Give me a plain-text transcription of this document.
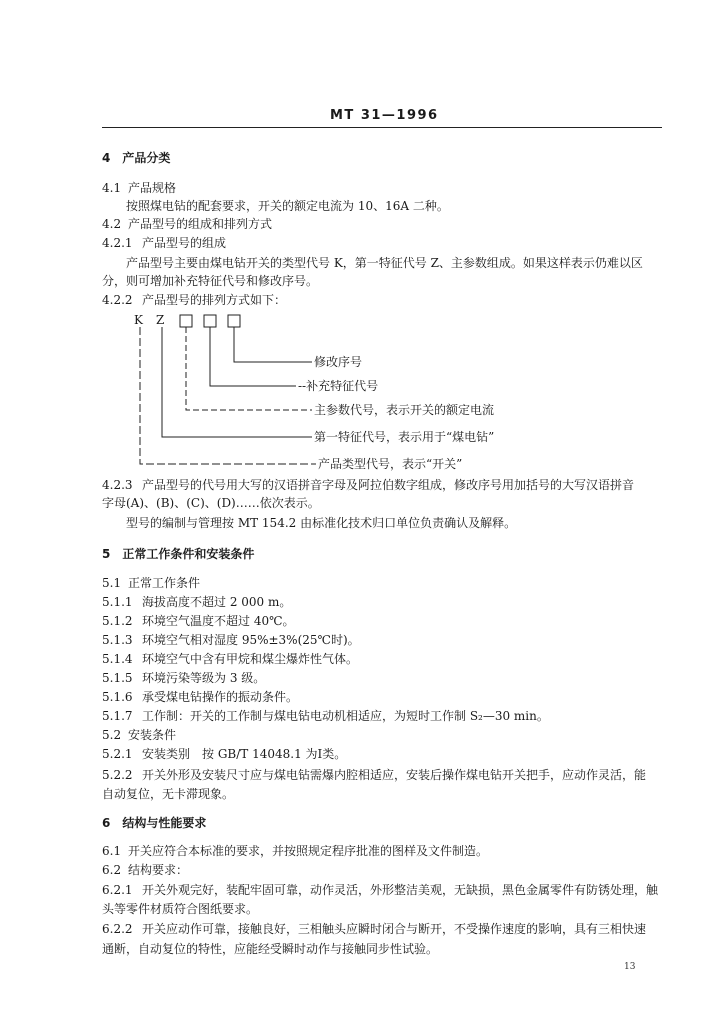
MT 31—1996
4　产品分类
4.1 产品规格
按照煤电钻的配套要求，开关的额定电流为 10、16A 二种。
4.2 产品型号的组成和排列方式
4.2.1 产品型号的组成
产品型号主要由煤电钻开关的类型代号 K，第一特征代号 Z、主参数组成。如果这样表示仍难以区
分，则可增加补充特征代号和修改序号。
4.2.2 产品型号的排列方式如下：
K Z
修改序号
--补充特征代号
主参数代号，表示开关的额定电流
第一特征代号，表示用于“煤电钻”
产品类型代号，表示“开关”
4.2.3 产品型号的代号用大写的汉语拼音字母及阿拉伯数字组成，修改序号用加括号的大写汉语拼音
字母(A)、(B)、(C)、(D)……依次表示。
型号的编制与管理按 MT 154.2 由标准化技术归口单位负责确认及解释。
5　正常工作条件和安装条件
5.1 正常工作条件
5.1.1 海拔高度不超过 2 000 m。
5.1.2 环境空气温度不超过 40℃。
5.1.3 环境空气相对湿度 95%±3%(25℃时)。
5.1.4 环境空气中含有甲烷和煤尘爆炸性气体。
5.1.5 环境污染等级为 3 级。
5.1.6 承受煤电钻操作的振动条件。
5.1.7 工作制：开关的工作制与煤电钻电动机相适应，为短时工作制 S₂—30 min。
5.2 安装条件
5.2.1 安装类别　按 GB/T 14048.1 为Ⅰ类。
5.2.2 开关外形及安装尺寸应与煤电钻需爆内腔相适应，安装后操作煤电钻开关把手，应动作灵活，能
自动复位，无卡滞现象。
6　结构与性能要求
6.1 开关应符合本标准的要求，并按照规定程序批准的图样及文件制造。
6.2 结构要求：
6.2.1 开关外观完好，装配牢固可靠，动作灵活，外形整洁美观，无缺损，黑色金属零件有防锈处理，触
头等零件材质符合图纸要求。
6.2.2 开关应动作可靠，接触良好，三相触头应瞬时闭合与断开，不受操作速度的影响，具有三相快速
通断，自动复位的特性，应能经受瞬时动作与接触同步性试验。
13
